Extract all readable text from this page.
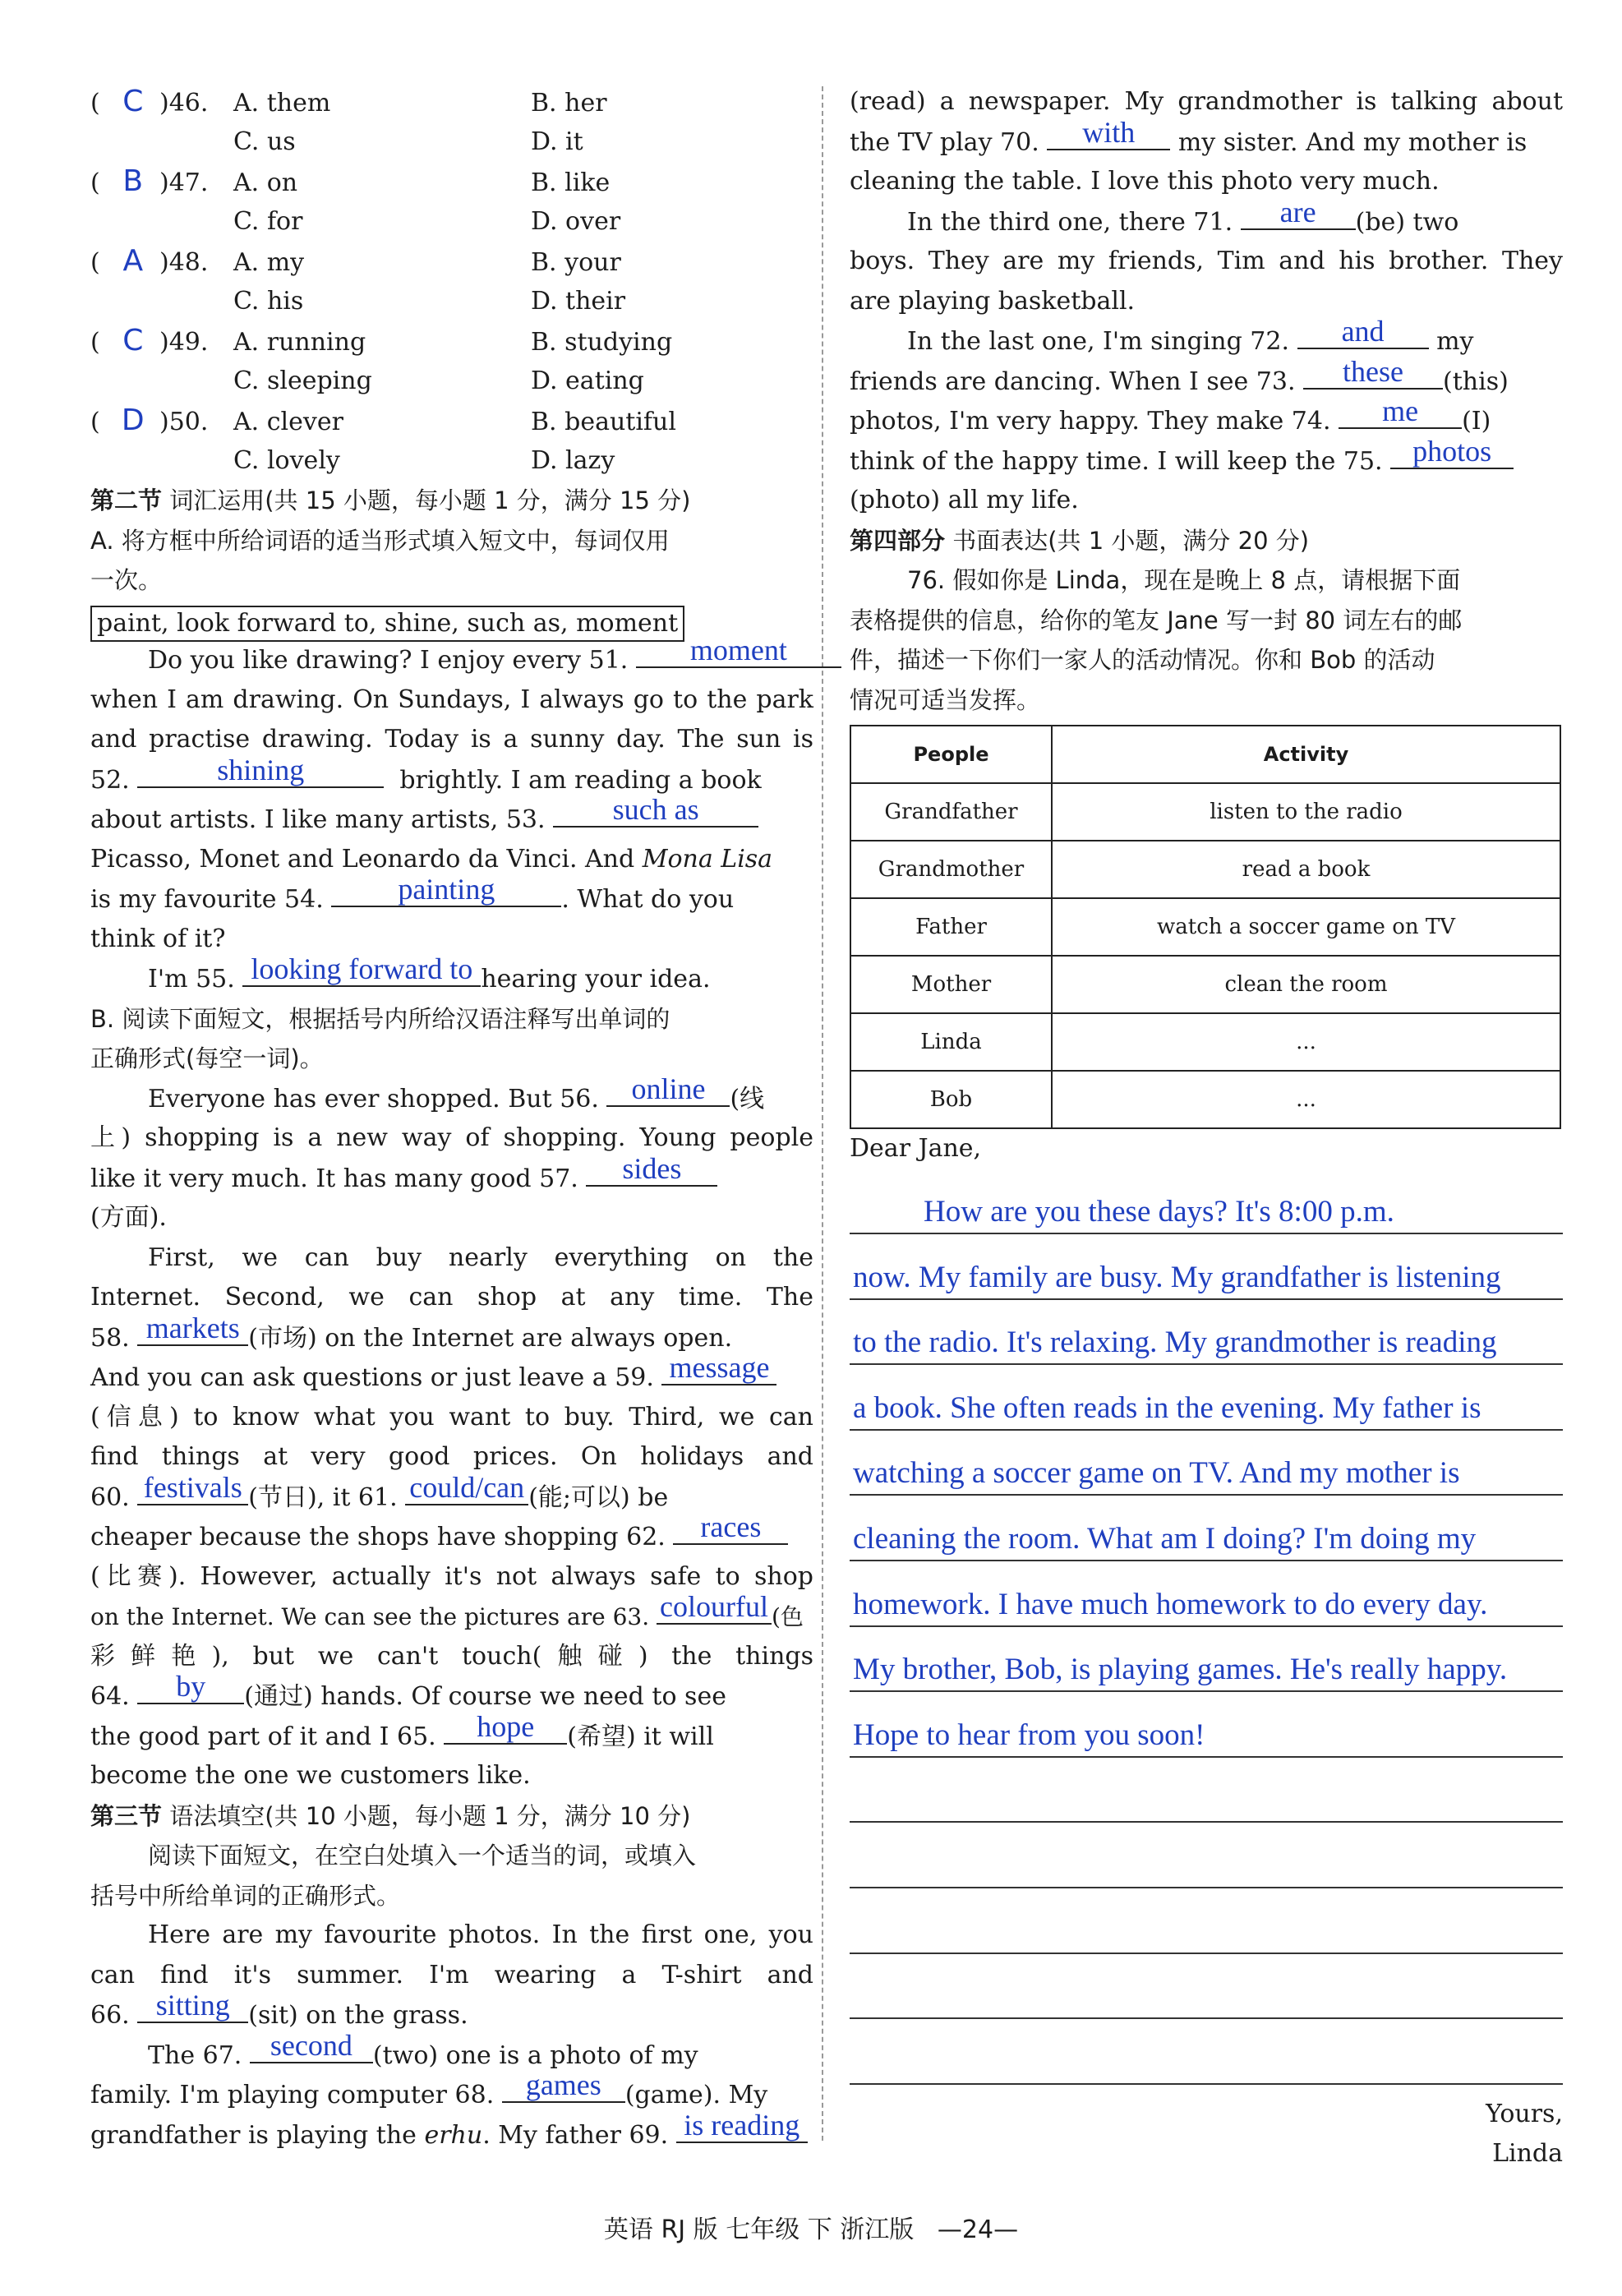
(  C )46. A. them	B. her
C. us	D. it
(  B )47. A. on	B. like
C. for	D. over
(  A )48. A. my	B. your
C. his	D. their
(  C )49. A. running	B. studying
C. sleeping	D. eating
(  D )50. A. clever	B. beautiful
C. lovely	D. lazy
第二节 词汇运用(共 15 小题，每小题 1 分，满分 15 分)
A. 将方框中所给词语的适当形式填入短文中，每词仅用
一次。
paint, look forward to, shine, such as, moment
Do you like drawing? I enjoy every 51.	moment
when I am drawing. On Sundays, I always go to the park
and practise drawing. Today is a sunny day. The sun is
52.	shining	brightly. I am reading a book
about artists. I like many artists, 53.	such as
Picasso, Monet and Leonardo da Vinci. And Mona Lisa
is my favourite 54.	painting	. What do you
think of it?
I'm 55. looking forward to hearing your idea.
B. 阅读下面短文，根据括号内所给汉语注释写出单词的
正确形式(每空一词)。
Everyone has ever shopped. But 56.	online	(线
上) shopping is a new way of shopping. Young people
like it very much. It has many good 57.	sides
(方面).
First, we can buy nearly everything on the
Internet. Second, we can shop at any time. The
58. markets (市场) on the Internet are always open.
And you can ask questions or just leave a 59. message
(信息) to know what you want to buy. Third, we can
find things at very good prices. On holidays and
60. festivals (节日), it 61. could/can (能;可以) be
cheaper because the shops have shopping 62.	races
(比赛). However, actually it's not always safe to shop
on the Internet. We can see the pictures are 63. colourful (色
彩鲜艳), but we can't touch(触碰) the things
64.	by	(通过) hands. Of course we need to see
the good part of it and I 65.	hope	(希望) it will
become the one we customers like.
第三节 语法填空(共 10 小题，每小题 1 分，满分 10 分)
阅读下面短文，在空白处填入一个适当的词，或填入
括号中所给单词的正确形式。
Here are my favourite photos. In the first one, you
can find it's summer. I'm wearing a T-shirt and
66. sitting (sit) on the grass.
The 67. second (two) one is a photo of my
family. I'm playing computer 68.	games (game). My
grandfather is playing the erhu. My father 69. is reading
(read) a newspaper. My grandmother is talking about
the TV play 70.	with	my sister. And my mother is
cleaning the table. I love this photo very much.
In the third one, there 71.	are	(be) two
boys. They are my friends, Tim and his brother. They
are playing basketball.
In the last one, I'm singing 72.	and	my
friends are dancing. When I see 73.	these	(this)
photos, I'm very happy. They make 74.	me	(I)
think of the happy time. I will keep the 75.	photos
(photo) all my life.
第四部分 书面表达(共 1 小题，满分 20 分)
76. 假如你是 Linda，现在是晚上 8 点，请根据下面
表格提供的信息，给你的笔友 Jane 写一封 80 词左右的邮
件，描述一下你们一家人的活动情况。你和 Bob 的活动
情况可适当发挥。
People	Activity
Grandfather	listen to the radio
Grandmother	read a book
Father	watch a soccer game on TV
Mother	clean the room
Linda	...
Bob	...
Dear Jane,
How are you these days? It's 8:00 p.m.
now. My family are busy. My grandfather is listening
to the radio. It's relaxing. My grandmother is reading
a book. She often reads in the evening. My father is
watching a soccer game on TV. And my mother is
cleaning the room. What am I doing? I'm doing my
homework. I have much homework to do every day.
My brother, Bob, is playing games. He's really happy.
Hope to hear from you soon!
Yours,
Linda
英语 RJ 版 七年级 下 浙江版 —24—
